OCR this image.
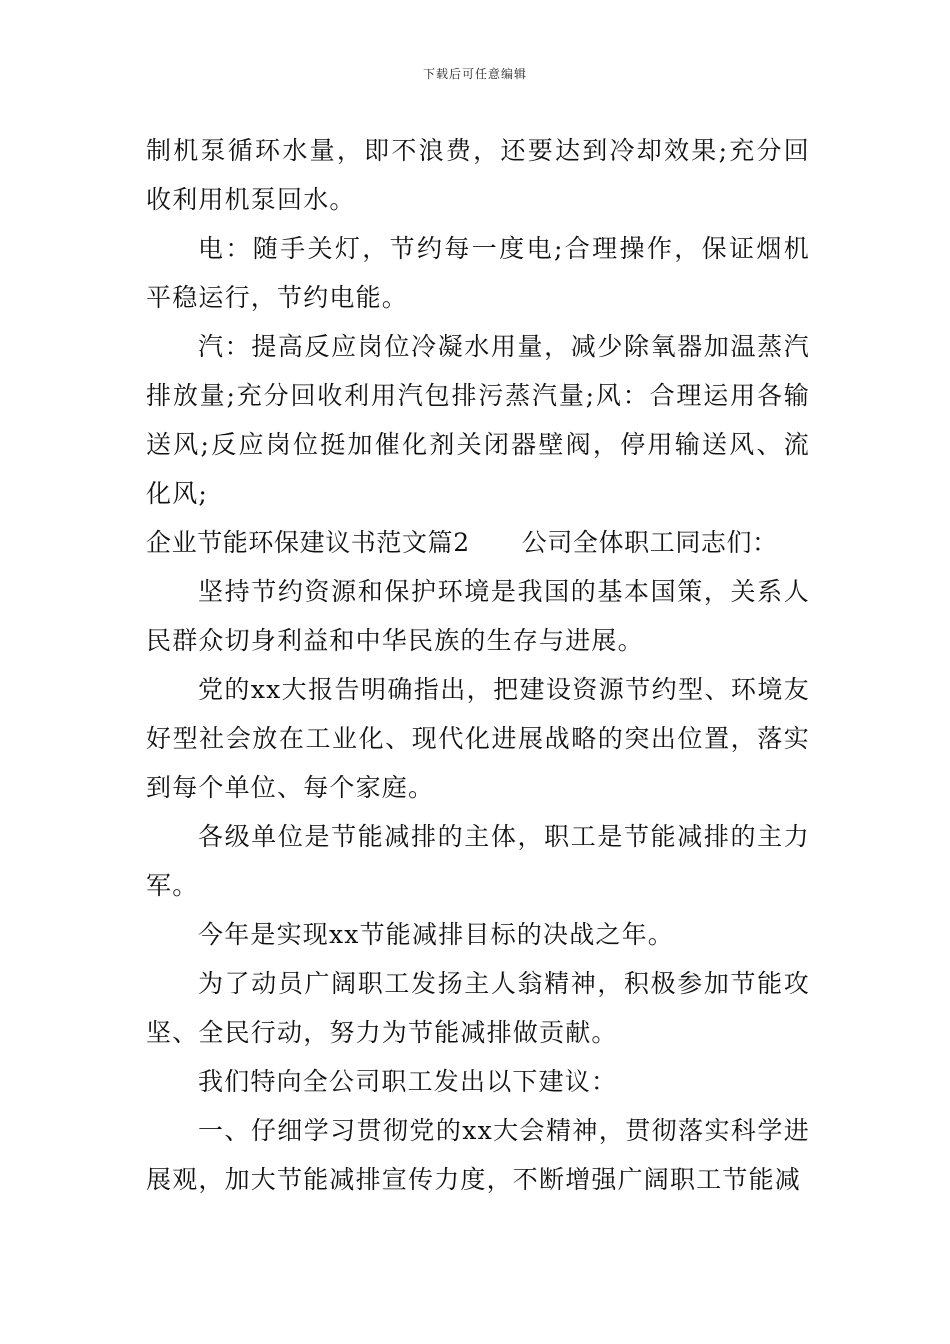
下载后可任意编辑

制机泵循环水量，即不浪费，还要达到冷却效果;充分回收利用机泵回水。

电：随手关灯，节约每一度电;合理操作，保证烟机平稳运行，节约电能。

汽：提高反应岗位冷凝水用量，减少除氧器加温蒸汽排放量;充分回收利用汽包排污蒸汽量;风：合理运用各输送风;反应岗位挺加催化剂关闭器壁阀，停用输送风、流化风;

企业节能环保建议书范文篇2 公司全体职工同志们：

坚持节约资源和保护环境是我国的基本国策，关系人民群众切身利益和中华民族的生存与进展。

党的xx大报告明确指出，把建设资源节约型、环境友好型社会放在工业化、现代化进展战略的突出位置，落实到每个单位、每个家庭。

各级单位是节能减排的主体，职工是节能减排的主力军。

今年是实现xx节能减排目标的决战之年。

为了动员广阔职工发扬主人翁精神，积极参加节能攻坚、全民行动，努力为节能减排做贡献。

我们特向全公司职工发出以下建议：

一、仔细学习贯彻党的xx大会精神，贯彻落实科学进展观，加大节能减排宣传力度，不断增强广阔职工节能减
